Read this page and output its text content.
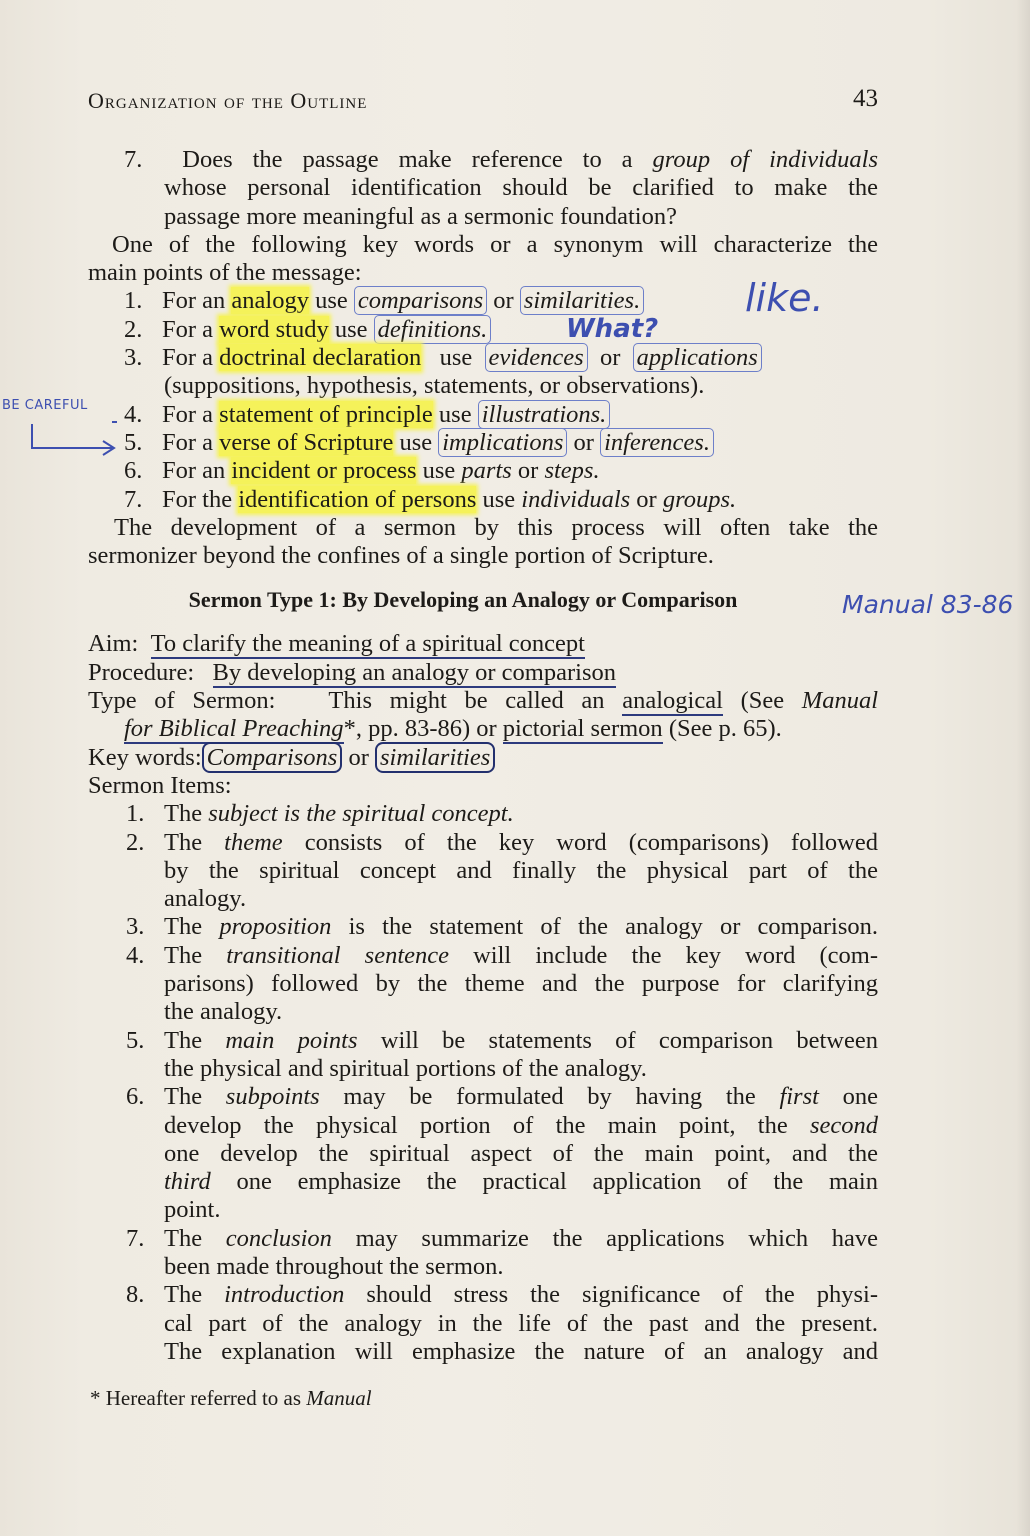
Organization of the Outline	43
7. Does the passage make reference to a group of individuals
whose personal identification should be clarified to make the
passage more meaningful as a sermonic foundation?
One of the following key words or a synonym will characterize the
main points of the message:
1. For an analogy use comparisons or similarities.
2. For a word study use definitions.
3. For a doctrinal declaration   use  evidences  or  applications
(suppositions, hypothesis, statements, or observations).
4. For a statement of principle use illustrations.
5. For a verse of Scripture use implications or inferences.
6. For an incident or process use parts or steps.
7. For the identification of persons use individuals or groups.
The development of a sermon by this process will often take the
sermonizer beyond the confines of a single portion of Scripture.
Sermon Type 1: By Developing an Analogy or Comparison
Aim: To clarify the meaning of a spiritual concept
Procedure: By developing an analogy or comparison
Type of Sermon: This might be called an analogical (See Manual
for Biblical Preaching*, pp. 83-86) or pictorial sermon (See p. 65).
Key words: Comparisons or similarities
Sermon Items:
1. The subject is the spiritual concept.
2. The theme consists of the key word (comparisons) followed
by the spiritual concept and finally the physical part of the
analogy.
3. The proposition is the statement of the analogy or comparison.
4. The transitional sentence will include the key word (com-
parisons) followed by the theme and the purpose for clarifying
the analogy.
5. The main points will be statements of comparison between
the physical and spiritual portions of the analogy.
6. The subpoints may be formulated by having the first one
develop the physical portion of the main point, the second
one develop the spiritual aspect of the main point, and the
third one emphasize the practical application of the main
point.
7. The conclusion may summarize the applications which have
been made throughout the sermon.
8. The introduction should stress the significance of the physi-
cal part of the analogy in the life of the past and the present.
The explanation will emphasize the nature of an analogy and
* Hereafter referred to as Manual
like.
What?
BE CAREFUL
Manual 83-86
